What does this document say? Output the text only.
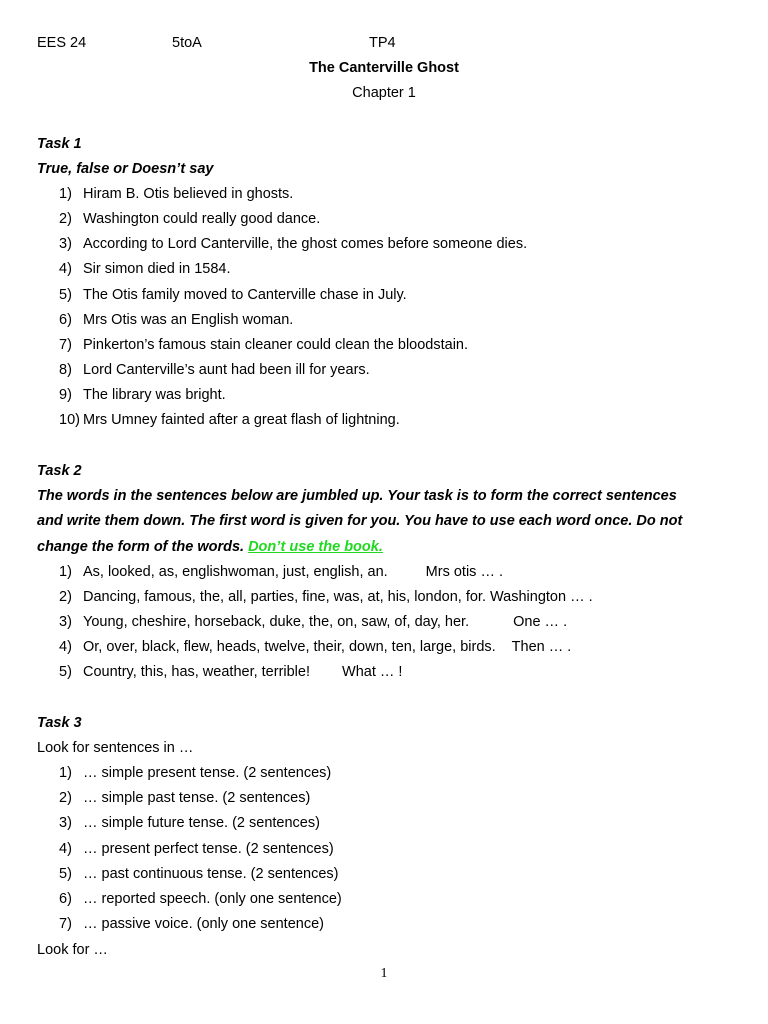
EES 24	5toA	TP4
The Canterville Ghost
Chapter 1
Task 1
True, false or Doesn’t say
1) Hiram B. Otis believed in ghosts.
2) Washington could really good dance.
3) According to Lord Canterville, the ghost comes before someone dies.
4) Sir simon died in 1584.
5) The Otis family moved to Canterville chase in July.
6) Mrs Otis was an English woman.
7) Pinkerton’s famous stain cleaner could clean the bloodstain.
8) Lord Canterville’s aunt had been ill for years.
9) The library was bright.
10) Mrs Umney fainted after a great flash of lightning.
Task 2
The words in the sentences below are jumbled up. Your task is to form the correct sentences
and write them down. The first word is given for you. You have to use each word once. Do not
change the form of the words. Don’t use the book.
1) As, looked, as, englishwoman, just, english, an.	Mrs otis … .
2) Dancing, famous, the, all, parties, fine, was, at, his, london, for. Washington … .
3) Young, cheshire, horseback, duke, the, on, saw, of, day, her.	One … .
4) Or, over, black, flew, heads, twelve, their, down, ten, large, birds. Then … .
5) Country, this, has, weather, terrible! What … !
Task 3
Look for sentences in …
1) … simple present tense. (2 sentences)
2) … simple past tense. (2 sentences)
3) … simple future tense. (2 sentences)
4) … present perfect tense. (2 sentences)
5) … past continuous tense. (2 sentences)
6) … reported speech. (only one sentence)
7) … passive voice. (only one sentence)
Look for …
1
